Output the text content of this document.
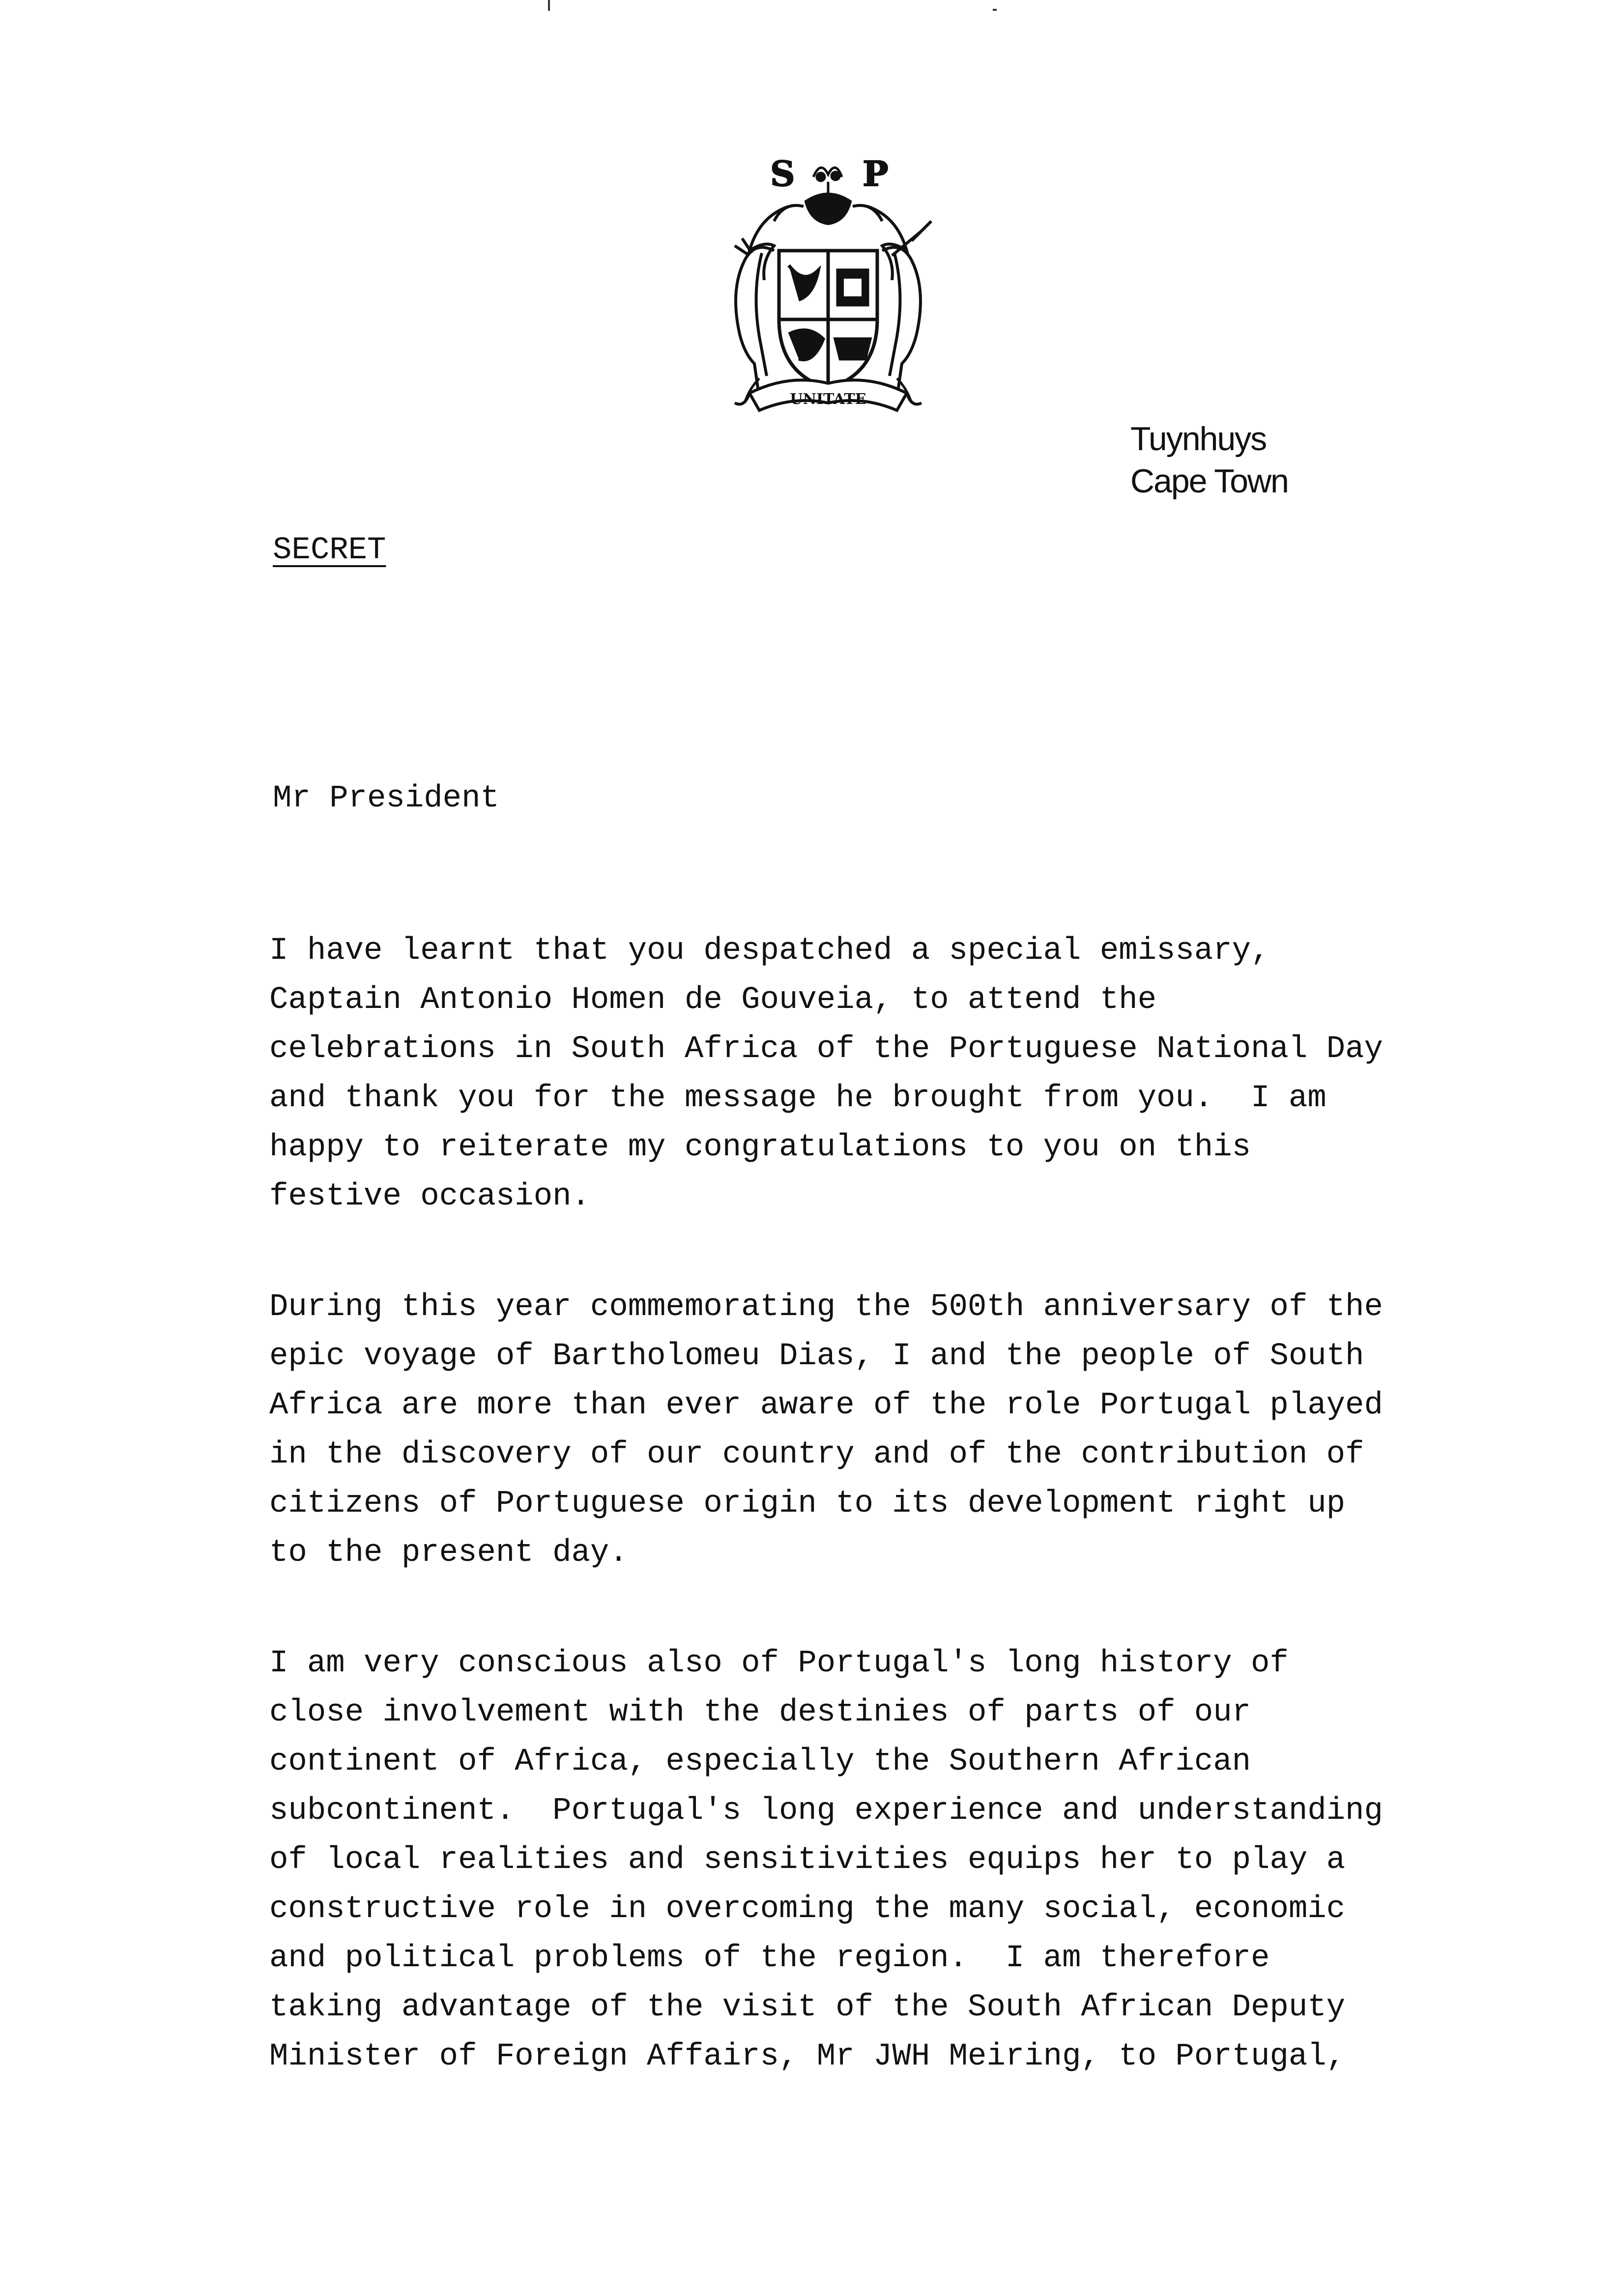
S P
UNITATE
Tuynhuys
Cape Town
SECRET
Mr President
I have learnt that you despatched a special emissary,
Captain Antonio Homen de Gouveia, to attend the
celebrations in South Africa of the Portuguese National Day
and thank you for the message he brought from you.  I am
happy to reiterate my congratulations to you on this
festive occasion.
During this year commemorating the 500th anniversary of the
epic voyage of Bartholomeu Dias, I and the people of South
Africa are more than ever aware of the role Portugal played
in the discovery of our country and of the contribution of
citizens of Portuguese origin to its development right up
to the present day.
I am very conscious also of Portugal's long history of
close involvement with the destinies of parts of our
continent of Africa, especially the Southern African
subcontinent.  Portugal's long experience and understanding
of local realities and sensitivities equips her to play a
constructive role in overcoming the many social, economic
and political problems of the region.  I am therefore
taking advantage of the visit of the South African Deputy
Minister of Foreign Affairs, Mr JWH Meiring, to Portugal,
